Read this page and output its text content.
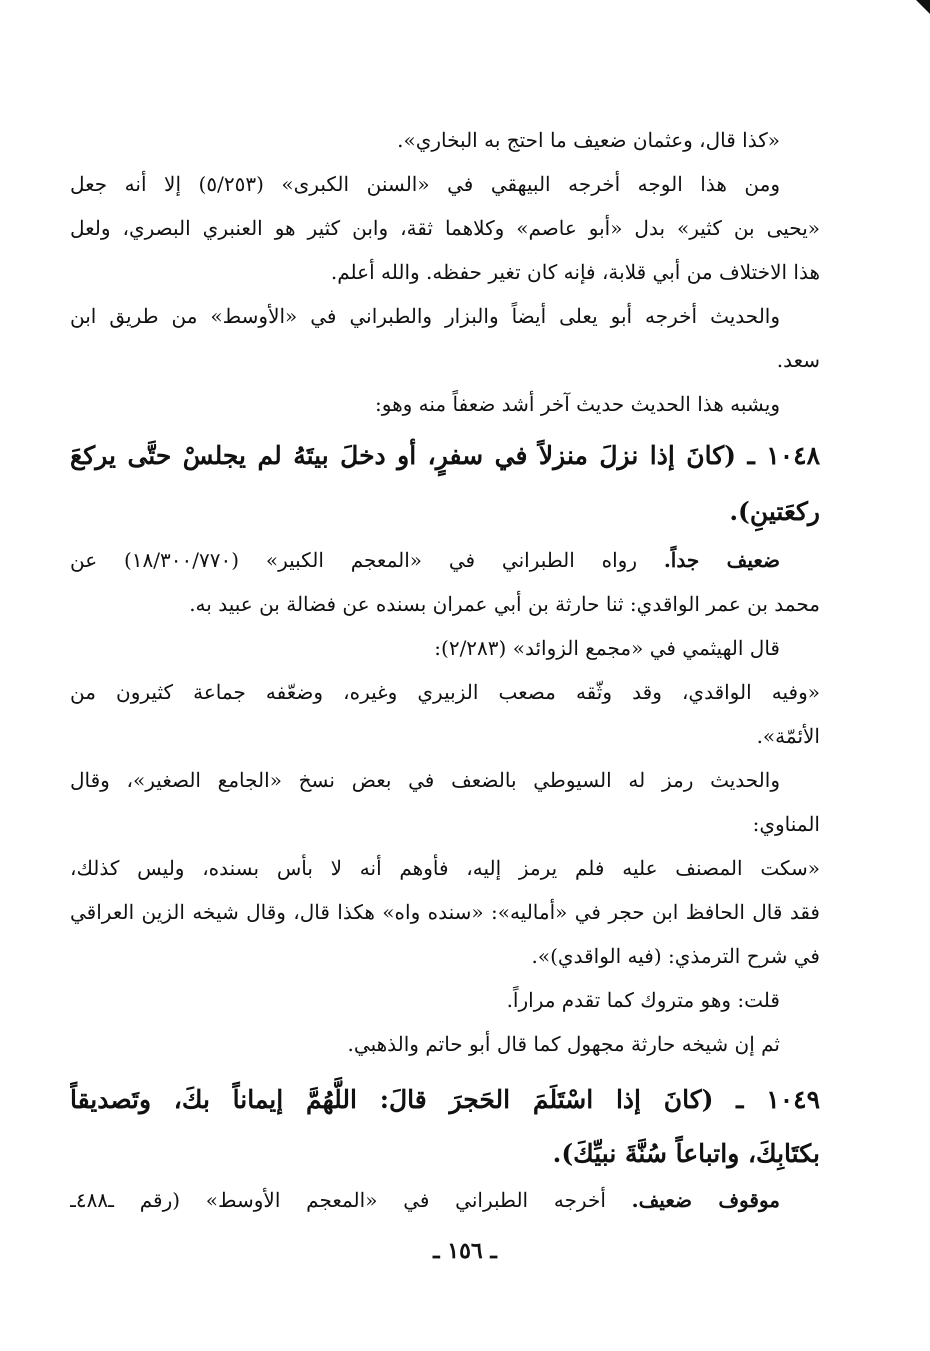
«كذا قال، وعثمان ضعيف ما احتج به البخاري».
ومن هذا الوجه أخرجه البيهقي في «السنن الكبرى» (٥/٢٥٣) إلا أنه جعل
«يحيى بن كثير» بدل «أبو عاصم» وكلاهما ثقة، وابن كثير هو العنبري البصري، ولعل
هذا الاختلاف من أبي قلابة، فإنه كان تغير حفظه. والله أعلم.
والحديث أخرجه أبو يعلى أيضاً والبزار والطبراني في «الأوسط» من طريق ابن
سعد.
ويشبه هذا الحديث حديث آخر أشد ضعفاً منه وهو:
١٠٤٨ ـ (كانَ إذا نزلَ منزلاً في سفرٍ، أو دخلَ بيتَهُ لم يجلسْ حتَّى يركعَ
ركعَتينِ).
ضعيف جداً. رواه الطبراني في «المعجم الكبير» (١٨/٣٠٠/٧٧٠) عن
محمد بن عمر الواقدي: ثنا حارثة بن أبي عمران بسنده عن فضالة بن عبيد به.
قال الهيثمي في «مجمع الزوائد» (٢/٢٨٣):
«وفيه الواقدي، وقد وثّقه مصعب الزبيري وغيره، وضعّفه جماعة كثيرون من
الأئمّة».
والحديث رمز له السيوطي بالضعف في بعض نسخ «الجامع الصغير»، وقال
المناوي:
«سكت المصنف عليه فلم يرمز إليه، فأوهم أنه لا بأس بسنده، وليس كذلك،
فقد قال الحافظ ابن حجر في «أماليه»: «سنده واه» هكذا قال، وقال شيخه الزين العراقي
في شرح الترمذي: (فيه الواقدي)».
قلت: وهو متروك كما تقدم مراراً.
ثم إن شيخه حارثة مجهول كما قال أبو حاتم والذهبي.
١٠٤٩ ـ (كانَ إذا اسْتَلَمَ الحَجرَ قالَ: اللَّهُمَّ إيماناً بكَ، وتَصديقاً
بكتَابِكَ، واتباعاً سُنَّةَ نبيِّكَ).
موقوف ضعيف. أخرجه الطبراني في «المعجم الأوسط» (رقم ـ٤٨٨ـ
ـ ١٥٦ ـ
